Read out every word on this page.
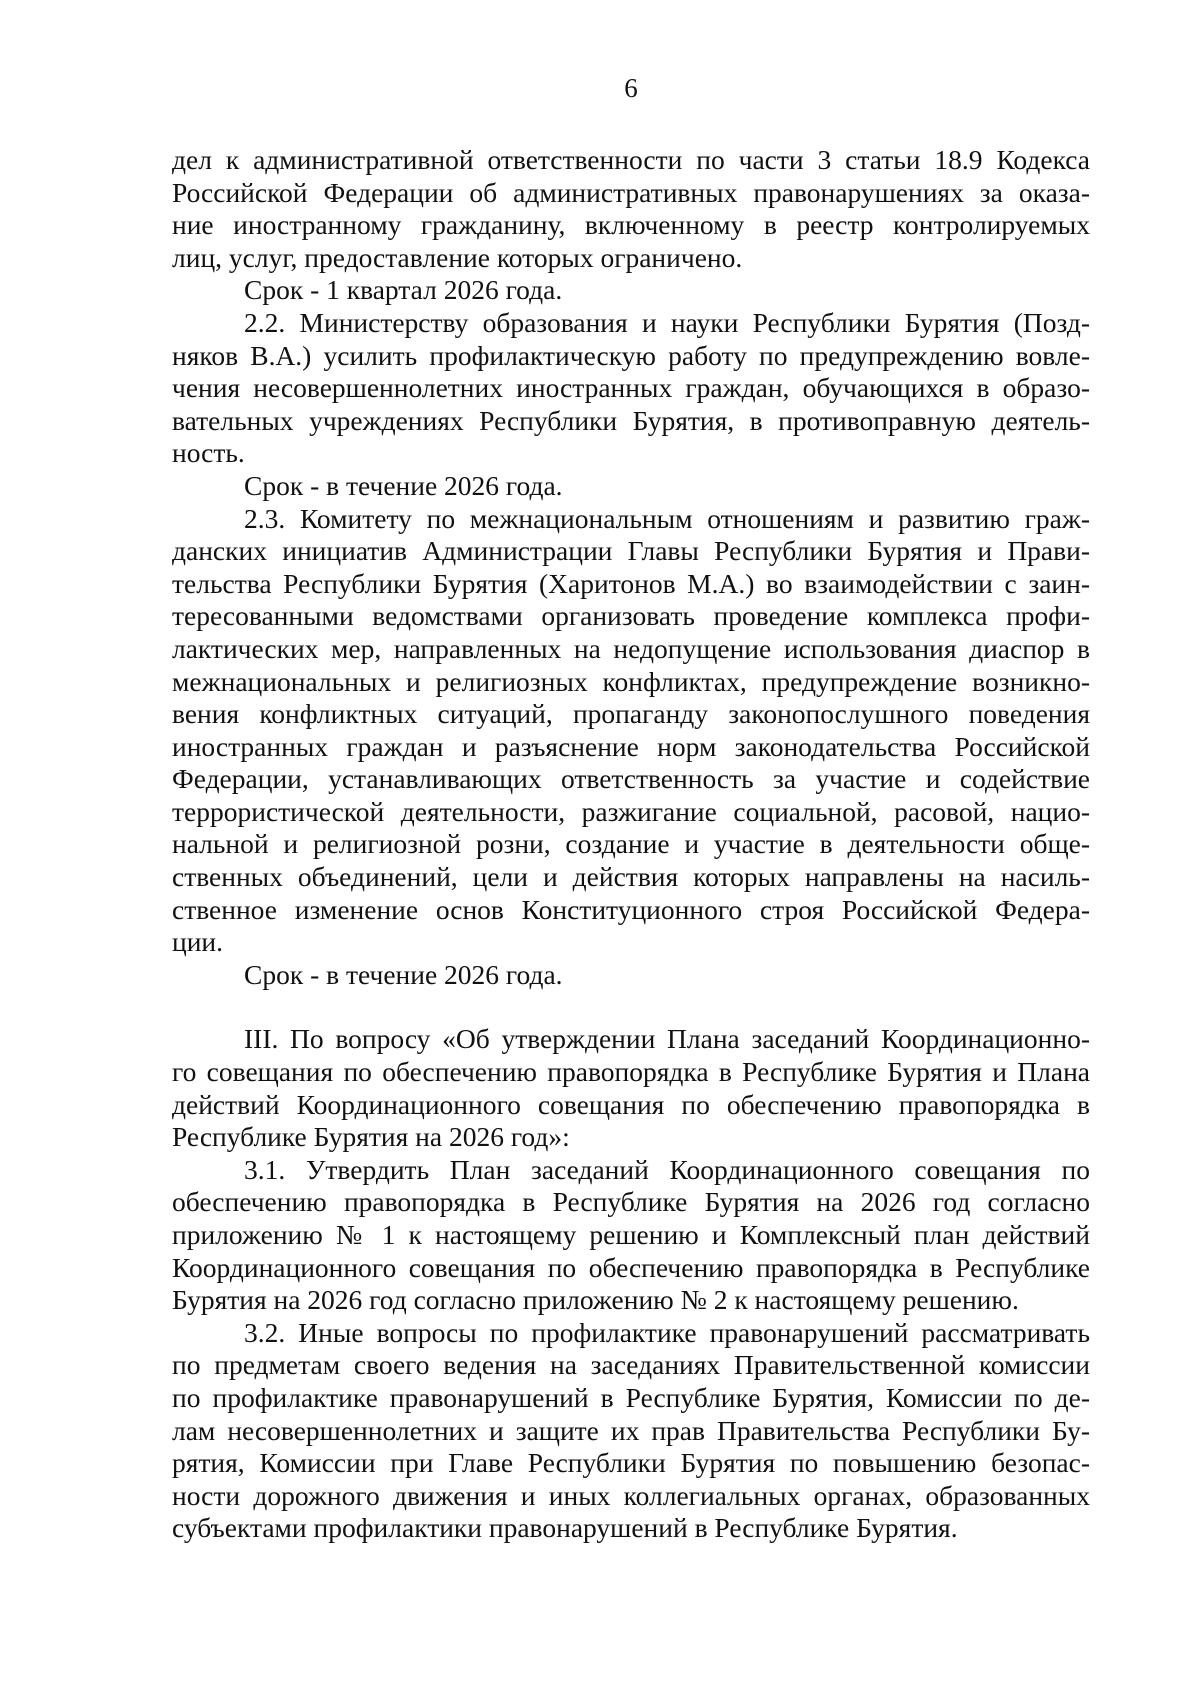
6
дел к административной ответственности по части 3 статьи 18.9 Кодекса
Российской Федерации об административных правонарушениях за оказа-
ние иностранному гражданину, включенному в реестр контролируемых
лиц, услуг, предоставление которых ограничено.
Срок - 1 квартал 2026 года.
2.2. Министерству образования и науки Республики Бурятия (Позд-
няков В.А.) усилить профилактическую работу по предупреждению вовле-
чения несовершеннолетних иностранных граждан, обучающихся в образо-
вательных учреждениях Республики Бурятия, в противоправную деятель-
ность.
Срок - в течение 2026 года.
2.3. Комитету по межнациональным отношениям и развитию граж-
данских инициатив Администрации Главы Республики Бурятия и Прави-
тельства Республики Бурятия (Харитонов М.А.) во взаимодействии с заин-
тересованными ведомствами организовать проведение комплекса профи-
лактических мер, направленных на недопущение использования диаспор в
межнациональных и религиозных конфликтах, предупреждение возникно-
вения конфликтных ситуаций, пропаганду законопослушного поведения
иностранных граждан и разъяснение норм законодательства Российской
Федерации, устанавливающих ответственность за участие и содействие
террористической деятельности, разжигание социальной, расовой, нацио-
нальной и религиозной розни, создание и участие в деятельности обще-
ственных объединений, цели и действия которых направлены на насиль-
ственное изменение основ Конституционного строя Российской Федера-
ции.
Срок - в течение 2026 года.
III. По вопросу «Об утверждении Плана заседаний Координационно-
го совещания по обеспечению правопорядка в Республике Бурятия и Плана
действий Координационного совещания по обеспечению правопорядка в
Республике Бурятия на 2026 год»:
3.1. Утвердить План заседаний Координационного совещания по
обеспечению правопорядка в Республике Бурятия на 2026 год согласно
приложению № 1 к настоящему решению и Комплексный план действий
Координационного совещания по обеспечению правопорядка в Республике
Бурятия на 2026 год согласно приложению № 2 к настоящему решению.
3.2. Иные вопросы по профилактике правонарушений рассматривать
по предметам своего ведения на заседаниях Правительственной комиссии
по профилактике правонарушений в Республике Бурятия, Комиссии по де-
лам несовершеннолетних и защите их прав Правительства Республики Бу-
рятия, Комиссии при Главе Республики Бурятия по повышению безопас-
ности дорожного движения и иных коллегиальных органах, образованных
субъектами профилактики правонарушений в Республике Бурятия.
